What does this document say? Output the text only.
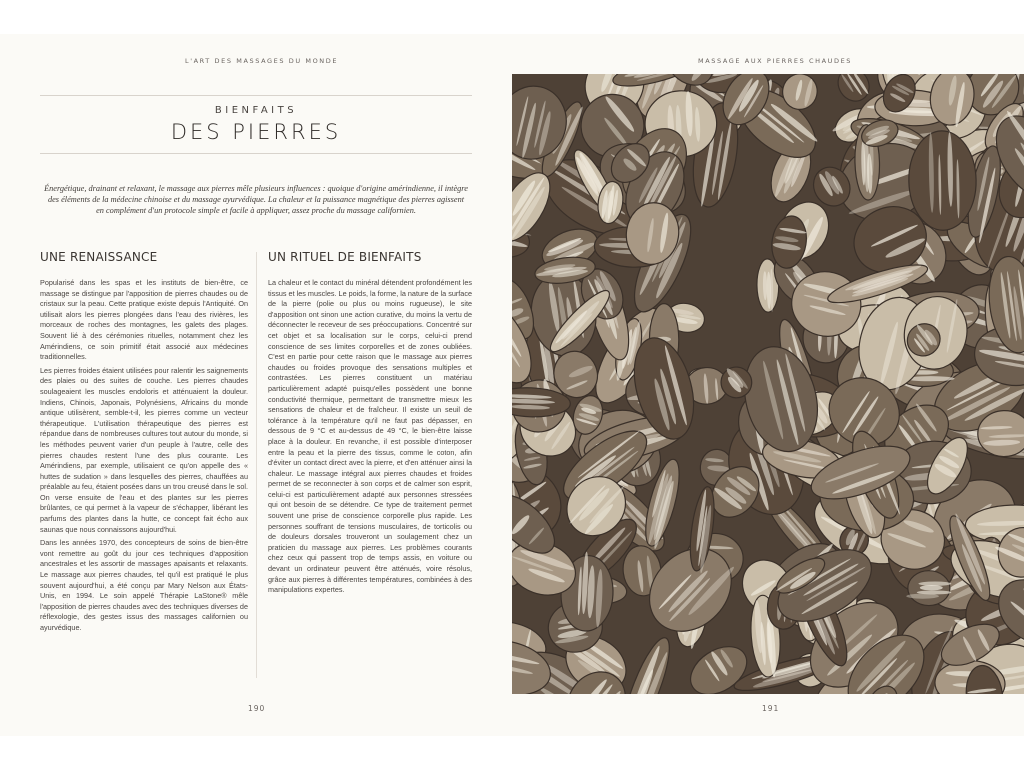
L'ART DES MASSAGES DU MONDE
BIENFAITS
DES PIERRES
Énergétique, drainant et relaxant, le massage aux pierres mêle plusieurs influences : quoique d'origine amérindienne, il intègre des éléments de la médecine chinoise et du massage ayurvédique. La chaleur et la puissance magnétique des pierres agissent en complément d'un protocole simple et facile à appliquer, assez proche du massage californien.
UNE RENAISSANCE

Popularisé dans les spas et les instituts de bien-être, ce massage se distingue par l'apposition de pierres chaudes ou de cristaux sur la peau. Cette pratique existe depuis l'Antiquité. On utilisait alors les pierres plongées dans l'eau des rivières, les morceaux de roches des montagnes, les galets des plages. Souvent lié à des cérémonies rituelles, notamment chez les Amérindiens, ce soin primitif était associé aux médecines traditionnelles.

Les pierres froides étaient utilisées pour ralentir les saignements des plaies ou des suites de couche. Les pierres chaudes soulageaient les muscles endoloris et atténuaient la douleur. Indiens, Chinois, Japonais, Polynésiens, Africains du monde antique utilisèrent, semble-t-il, les pierres comme un vecteur thérapeutique. L'utilisation thérapeutique des pierres est répandue dans de nombreuses cultures tout autour du monde, si les méthodes peuvent varier d'un peuple à l'autre, celle des pierres chaudes restent l'une des plus courante. Les Amérindiens, par exemple, utilisaient ce qu'on appelle des « huttes de sudation » dans lesquelles des pierres, chauffées au préalable au feu, étaient posées dans un trou creusé dans le sol. On verse ensuite de l'eau et des plantes sur les pierres brûlantes, ce qui permet à la vapeur de s'échapper, libérant les parfums des plantes dans la hutte, ce concept fait écho aux saunas que nous connaissons aujourd'hui.

Dans les années 1970, des concepteurs de soins de bien-être vont remettre au goût du jour ces techniques d'apposition ancestrales et les assortir de massages apaisants et relaxants. Le massage aux pierres chaudes, tel qu'il est pratiqué le plus souvent aujourd'hui, a été conçu par Mary Nelson aux États-Unis, en 1994. Le soin appelé Thérapie LaStone® mêle l'apposition de pierres chaudes avec des techniques diverses de réflexologie, des gestes issus des massages californien ou ayurvédique.

UN RITUEL DE BIENFAITS

La chaleur et le contact du minéral détendent profondément les tissus et les muscles. Le poids, la forme, la nature de la surface de la pierre (polie ou plus ou moins rugueuse), le site d'apposition ont sinon une action curative, du moins la vertu de déconnecter le receveur de ses préoccupations. Concentré sur cet objet et sa localisation sur le corps, celui-ci prend conscience de ses limites corporelles et de zones oubliées. C'est en partie pour cette raison que le massage aux pierres chaudes ou froides provoque des sensations multiples et contrastées. Les pierres constituent un matériau particulièrement adapté puisqu'elles possèdent une bonne conductivité thermique, permettant de transmettre mieux les sensations de chaleur et de fraîcheur. Il existe un seuil de tolérance à la température qu'il ne faut pas dépasser, en dessous de 9 °C et au-dessus de 49 °C, le bien-être laisse place à la douleur. En revanche, il est possible d'interposer entre la peau et la pierre des tissus, comme le coton, afin d'éviter un contact direct avec la pierre, et d'en atténuer ainsi la chaleur. Le massage intégral aux pierres chaudes et froides permet de se reconnecter à son corps et de calmer son esprit, celui-ci est particulièrement adapté aux personnes stressées qui ont besoin de se détendre. Ce type de traitement permet souvent une prise de conscience corporelle plus rapide. Les personnes souffrant de tensions musculaires, de torticolis ou de douleurs dorsales trouveront un soulagement chez un praticien du massage aux pierres. Les problèmes courants chez ceux qui passent trop de temps assis, en voiture ou devant un ordinateur peuvent être atténués, voire résolus, grâce aux pierres à différentes températures, combinées à des manipulations expertes.

190
MASSAGE AUX PIERRES CHAUDES
191
